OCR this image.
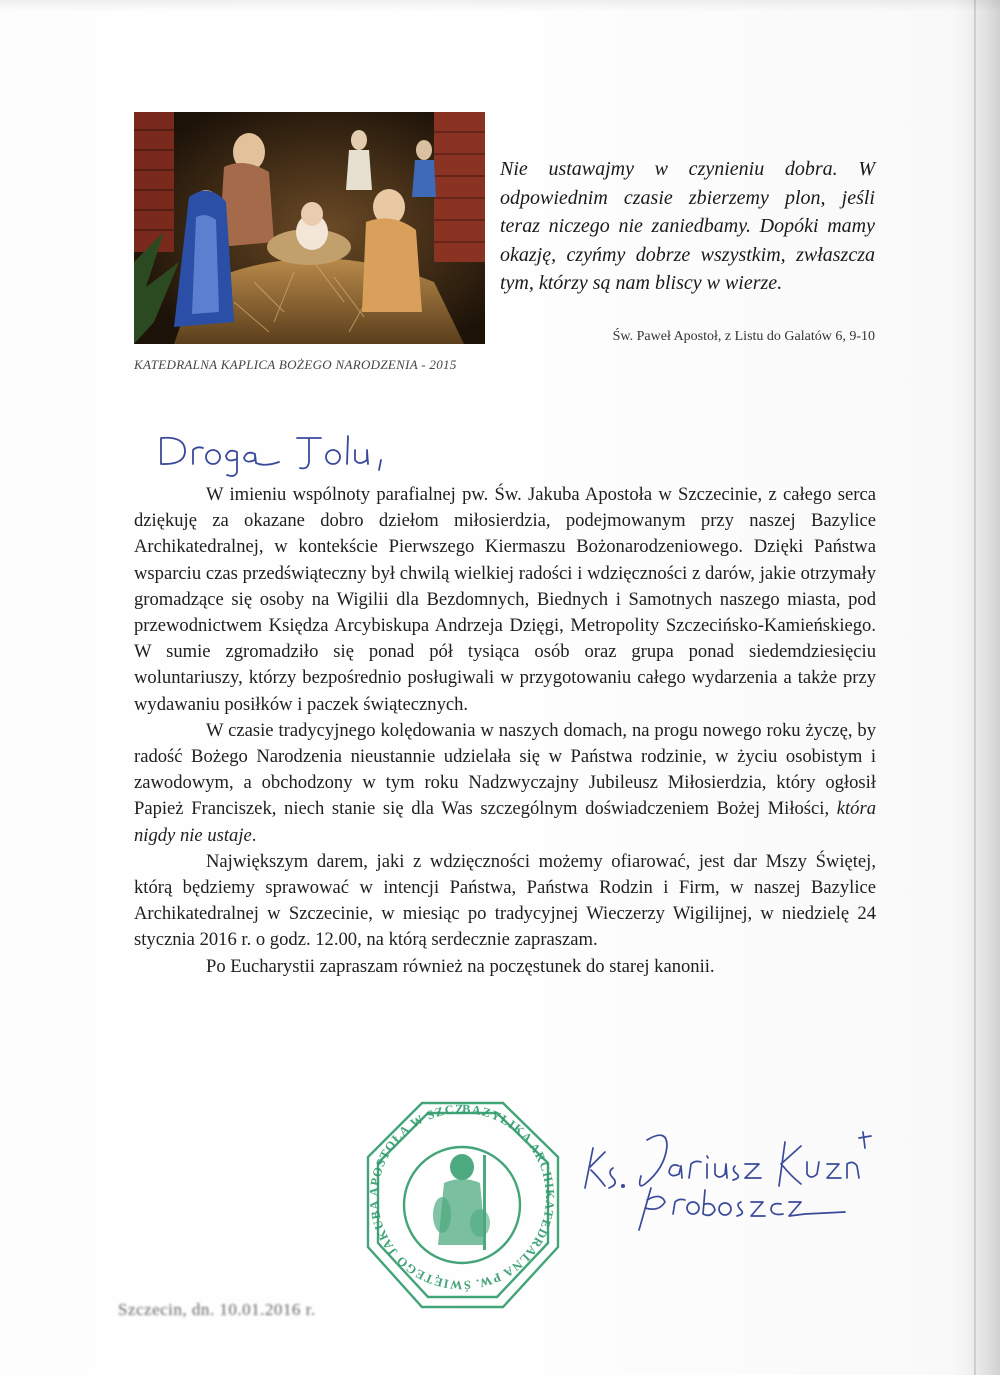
KATEDRALNA KAPLICA BOŻEGO NARODZENIA - 2015
Nie ustawajmy w czynieniu dobra. W odpowiednim czasie zbierzemy plon, jeśli teraz niczego nie zaniedbamy. Dopóki mamy okazję, czyńmy dobrze wszystkim, zwłaszcza tym, którzy są nam bliscy w wierze.
Św. Paweł Apostoł, z Listu do Galatów 6, 9-10

W imieniu wspólnoty parafialnej pw. Św. Jakuba Apostoła w Szczecinie, z całego serca dziękuję za okazane dobro dziełom miłosierdzia, podejmowanym przy naszej Bazylice Archikatedralnej, w kontekście Pierwszego Kiermaszu Bożonarodzeniowego. Dzięki Państwa wsparciu czas przedświąteczny był chwilą wielkiej radości i wdzięczności z darów, jakie otrzymały gromadzące się osoby na Wigilii dla Bezdomnych, Biednych i Samotnych naszego miasta, pod przewodnictwem Księdza Arcybiskupa Andrzeja Dzięgi, Metropolity Szczecińsko-Kamieńskiego. W sumie zgromadziło się ponad pół tysiąca osób oraz grupa ponad siedemdziesięciu woluntariuszy, którzy bezpośrednio posługiwali w przygotowaniu całego wydarzenia a także przy wydawaniu posiłków i paczek świątecznych.

W czasie tradycyjnego kolędowania w naszych domach, na progu nowego roku życzę, by radość Bożego Narodzenia nieustannie udzielała się w Państwa rodzinie, w życiu osobistym i zawodowym, a obchodzony w tym roku Nadzwyczajny Jubileusz Miłosierdzia, który ogłosił Papież Franciszek, niech stanie się dla Was szczególnym doświadczeniem Bożej Miłości, która nigdy nie ustaje.

Największym darem, jaki z wdzięczności możemy ofiarować, jest dar Mszy Świętej, którą będziemy sprawować w intencji Państwa, Państwa Rodzin i Firm, w naszej Bazylice Archikatedralnej w Szczecinie, w miesiąc po tradycyjnej Wieczerzy Wigilijnej, w niedzielę 24 stycznia 2016 r. o godz. 12.00, na którą serdecznie zapraszam.

Po Eucharystii zapraszam również na poczęstunek do starej kanonii.

BAZYLIKA ARCHIKATEDRALNA PW. ŚWIĘTEGO JAKUBA APOSTOŁA W SZCZ
Szczecin, dn. 10.01.2016 r.
